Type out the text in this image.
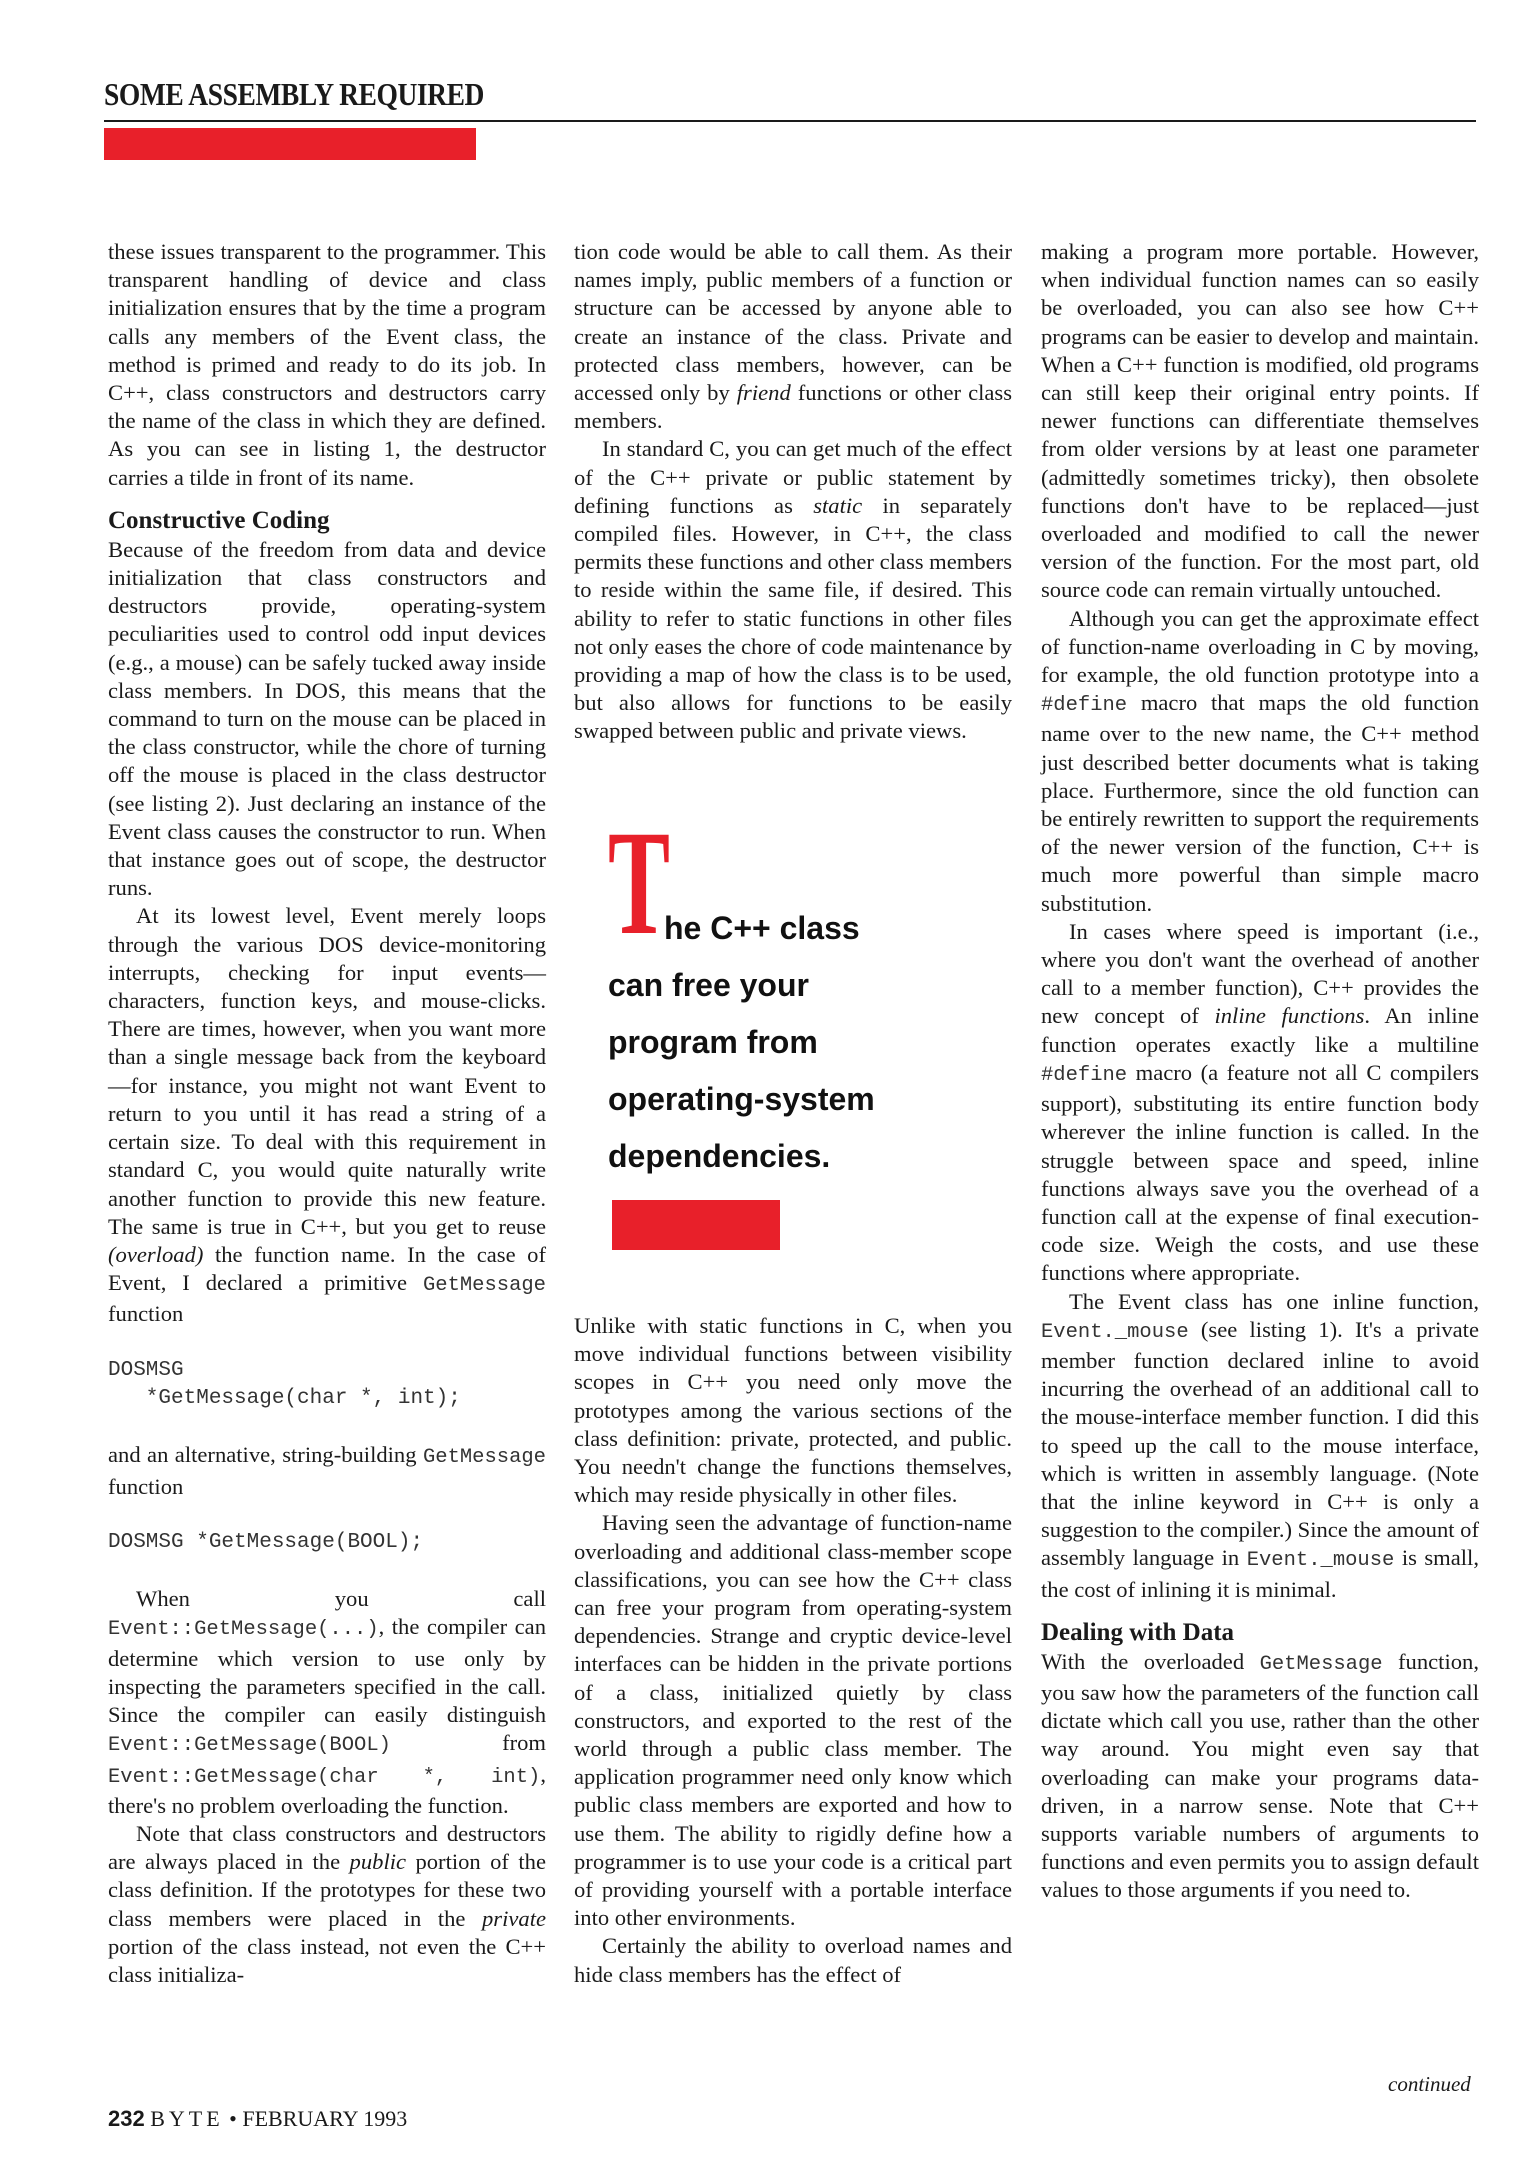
SOME ASSEMBLY REQUIRED

these issues transparent to the programmer. This transparent handling of device and class initialization ensures that by the time a program calls any members of the Event class, the method is primed and ready to do its job. In C++, class constructors and destructors carry the name of the class in which they are defined. As you can see in listing 1, the destructor carries a tilde in front of its name.

Constructive Coding

Because of the freedom from data and device initialization that class constructors and destructors provide, operating-system peculiarities used to control odd input devices (e.g., a mouse) can be safely tucked away inside class members. In DOS, this means that the command to turn on the mouse can be placed in the class constructor, while the chore of turning off the mouse is placed in the class destructor (see listing 2). Just declaring an instance of the Event class causes the constructor to run. When that instance goes out of scope, the destructor runs.

At its lowest level, Event merely loops through the various DOS device-monitoring interrupts, checking for input events—characters, function keys, and mouse-clicks. There are times, however, when you want more than a single message back from the keyboard—for instance, you might not want Event to return to you until it has read a string of a certain size. To deal with this requirement in standard C, you would quite naturally write another function to provide this new feature. The same is true in C++, but you get to reuse (overload) the function name. In the case of Event, I declared a primitive GetMessage function

DOSMSG
*GetMessage(char *, int);

and an alternative, string-building GetMessage function

DOSMSG *GetMessage(BOOL);

When you call Event::GetMessage(...), the compiler can determine which version to use only by inspecting the parameters specified in the call. Since the compiler can easily distinguish Event::GetMessage(BOOL)	from Event::GetMessage(char *, int), there's no problem overloading the function.

Note that class constructors and destructors are always placed in the public portion of the class definition. If the prototypes for these two class members were placed in the private portion of the class instead, not even the C++ class initializa-

tion code would be able to call them. As their names imply, public members of a function or structure can be accessed by anyone able to create an instance of the class. Private and protected class members, however, can be accessed only by friend functions or other class members.

In standard C, you can get much of the effect of the C++ private or public statement by defining functions as static in separately compiled files. However, in C++, the class permits these functions and other class members to reside within the same file, if desired. This ability to refer to static functions in other files not only eases the chore of code maintenance by providing a map of how the class is to be used, but also allows for functions to be easily swapped between public and private views.

T
he C++ class
can free your
program from
operating-system
dependencies.

Unlike with static functions in C, when you move individual functions between visibility scopes in C++ you need only move the prototypes among the various sections of the class definition: private, protected, and public. You needn't change the functions themselves, which may reside physically in other files.

Having seen the advantage of function-name overloading and additional class-member scope classifications, you can see how the C++ class can free your program from operating-system dependencies. Strange and cryptic device-level interfaces can be hidden in the private portions of a class, initialized quietly by class constructors, and exported to the rest of the world through a public class member. The application programmer need only know which public class members are exported and how to use them. The ability to rigidly define how a programmer is to use your code is a critical part of providing yourself with a portable interface into other environments.

Certainly the ability to overload names and hide class members has the effect of

making a program more portable. However, when individual function names can so easily be overloaded, you can also see how C++ programs can be easier to develop and maintain. When a C++ function is modified, old programs can still keep their original entry points. If newer functions can differentiate themselves from older versions by at least one parameter (admittedly sometimes tricky), then obsolete functions don't have to be replaced—just overloaded and modified to call the newer version of the function. For the most part, old source code can remain virtually untouched.

Although you can get the approximate effect of function-name overloading in C by moving, for example, the old function prototype into a #define macro that maps the old function name over to the new name, the C++ method just described better documents what is taking place. Furthermore, since the old function can be entirely rewritten to support the requirements of the newer version of the function, C++ is much more powerful than simple macro substitution.

In cases where speed is important (i.e., where you don't want the overhead of another call to a member function), C++ provides the new concept of inline functions. An inline function operates exactly like a multiline #define macro (a feature not all C compilers support), substituting its entire function body wherever the inline function is called. In the struggle between space and speed, inline functions always save you the overhead of a function call at the expense of final execution-code size. Weigh the costs, and use these functions where appropriate.

The Event class has one inline function, Event._mouse (see listing 1). It's a private member function declared inline to avoid incurring the overhead of an additional call to the mouse-interface member function. I did this to speed up the call to the mouse interface, which is written in assembly language. (Note that the inline keyword in C++ is only a suggestion to the compiler.) Since the amount of assembly language in Event._mouse is small, the cost of inlining it is minimal.

Dealing with Data

With the overloaded GetMessage function, you saw how the parameters of the function call dictate which call you use, rather than the other way around. You might even say that overloading can make your programs data-driven, in a narrow sense. Note that C++ supports variable numbers of arguments to functions and even permits you to assign default values to those arguments if you need to.

continued
232 BYTE • FEBRUARY 1993
